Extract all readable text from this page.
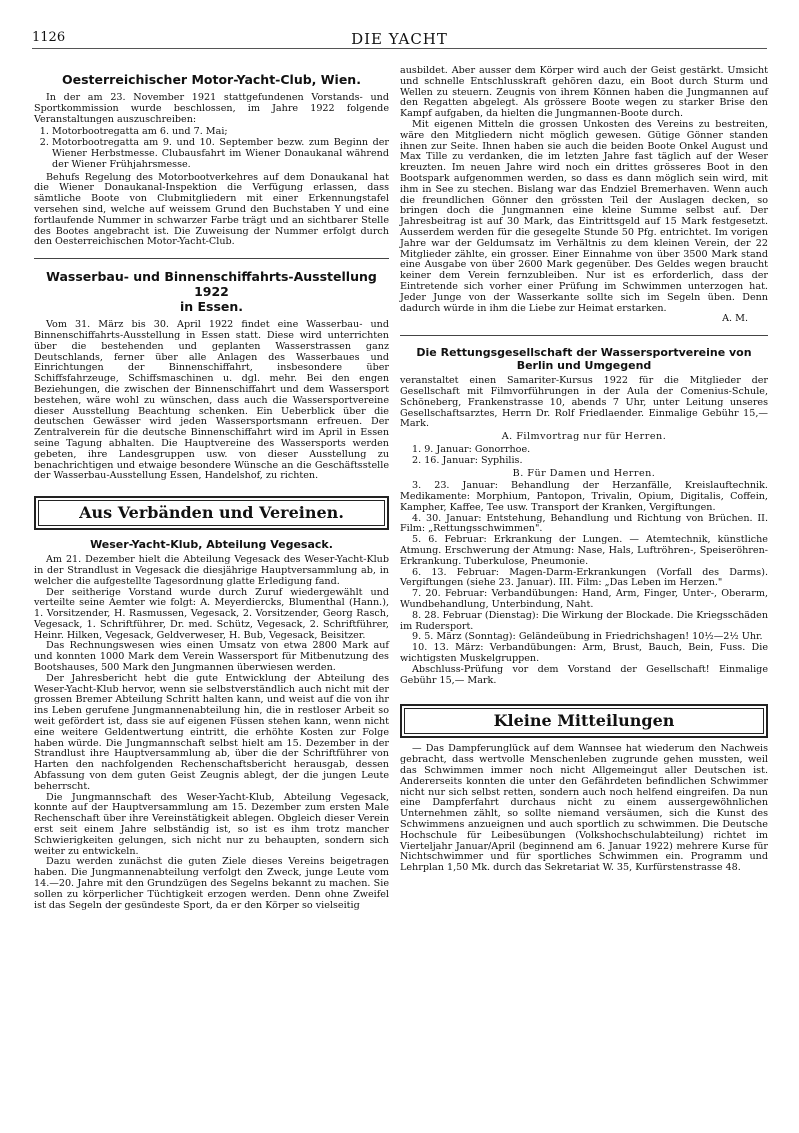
1126	DIE YACHT
Oesterreichischer Motor-Yacht-Club, Wien.

In der am 23. November 1921 stattgefundenen Vorstands- und Sportkommission wurde beschlossen, im Jahre 1922 folgende Veranstaltungen auszuschreiben:

1. Motorbootregatta am 6. und 7. Mai;
2. Motorbootregatta am 9. und 10. September bezw. zum Beginn der Wiener Herbstmesse. Clubausfahrt im Wiener Donaukanal während der Wiener Frühjahrsmesse.

Behufs Regelung des Motorbootverkehres auf dem Donaukanal hat die Wiener Donaukanal-Inspektion die Verfügung erlassen, dass sämtliche Boote von Clubmitgliedern mit einer Erkennungstafel versehen sind, welche auf weissem Grund den Buchstaben Y und eine fortlaufende Nummer in schwarzer Farbe trägt und an sichtbarer Stelle des Bootes angebracht ist. Die Zuweisung der Nummer erfolgt durch den Oesterreichischen Motor-Yacht-Club.

Wasserbau- und Binnenschiffahrts-Ausstellung 1922
in Essen.

Vom 31. März bis 30. April 1922 findet eine Wasserbau- und Binnenschiffahrts-Ausstellung in Essen statt. Diese wird unterrichten über die bestehenden und geplanten Wasserstrassen ganz Deutschlands, ferner über alle Anlagen des Wasserbaues und Einrichtungen der Binnenschiffahrt, insbesondere über Schiffsfahrzeuge, Schiffsmaschinen u. dgl. mehr. Bei den engen Beziehungen, die zwischen der Binnenschiffahrt und dem Wassersport bestehen, wäre wohl zu wünschen, dass auch die Wassersportvereine dieser Ausstellung Beachtung schenken. Ein Ueberblick über die deutschen Gewässer wird jeden Wassersportsmann erfreuen. Der Zentralverein für die deutsche Binnenschiffahrt wird im April in Essen seine Tagung abhalten. Die Hauptvereine des Wassersports werden gebeten, ihre Landesgruppen usw. von dieser Ausstellung zu benachrichtigen und etwaige besondere Wünsche an die Geschäftsstelle der Wasserbau-Ausstellung Essen, Handelshof, zu richten.

Aus Verbänden und Vereinen.
Weser-Yacht-Klub, Abteilung Vegesack.

Am 21. Dezember hielt die Abteilung Vegesack des Weser-Yacht-Klub in der Strandlust in Vegesack die diesjährige Hauptversammlung ab, in welcher die aufgestellte Tagesordnung glatte Erledigung fand.

Der seitherige Vorstand wurde durch Zuruf wiedergewählt und verteilte seine Aemter wie folgt: A. Meyerdiercks, Blumenthal (Hann.), 1. Vorsitzender, H. Rasmussen, Vegesack, 2. Vorsitzender, Georg Rasch, Vegesack, 1. Schriftführer, Dr. med. Schütz, Vegesack, 2. Schriftführer, Heinr. Hilken, Vegesack, Geldverweser, H. Bub, Vegesack, Beisitzer.

Das Rechnungswesen wies einen Umsatz von etwa 2800 Mark auf und konnten 1000 Mark dem Verein Wassersport für Mitbenutzung des Bootshauses, 500 Mark den Jungmannen überwiesen werden.

Der Jahresbericht hebt die gute Entwicklung der Abteilung des Weser-Yacht-Klub hervor, wenn sie selbstverständlich auch nicht mit der grossen Bremer Abteilung Schritt halten kann, und weist auf die von ihr ins Leben gerufene Jungmannenabteilung hin, die in restloser Arbeit so weit gefördert ist, dass sie auf eigenen Füssen stehen kann, wenn nicht eine weitere Geldentwertung eintritt, die erhöhte Kosten zur Folge haben würde. Die Jungmannschaft selbst hielt am 15. Dezember in der Strandlust ihre Hauptversammlung ab, über die der Schriftführer von Harten den nachfolgenden Rechenschaftsbericht herausgab, dessen Abfassung von dem guten Geist Zeugnis ablegt, der die jungen Leute beherrscht.

Die Jungmannschaft des Weser-Yacht-Klub, Abteilung Vegesack, konnte auf der Hauptversammlung am 15. Dezember zum ersten Male Rechenschaft über ihre Vereinstätigkeit ablegen. Obgleich dieser Verein erst seit einem Jahre selbständig ist, so ist es ihm trotz mancher Schwierigkeiten gelungen, sich nicht nur zu behaupten, sondern sich weiter zu entwickeln.

Dazu werden zunächst die guten Ziele dieses Vereins beigetragen haben. Die Jungmannenabteilung verfolgt den Zweck, junge Leute vom 14.—20. Jahre mit den Grundzügen des Segelns bekannt zu machen. Sie sollen zu körperlicher Tüchtigkeit erzogen werden. Denn ohne Zweifel ist das Segeln der gesündeste Sport, da er den Körper so vielseitig

ausbildet. Aber ausser dem Körper wird auch der Geist gestärkt. Umsicht und schnelle Entschlusskraft gehören dazu, ein Boot durch Sturm und Wellen zu steuern. Zeugnis von ihrem Können haben die Jungmannen auf den Regatten abgelegt. Als grössere Boote wegen zu starker Brise den Kampf aufgaben, da hielten die Jungmannen-Boote durch.

Mit eigenen Mitteln die grossen Unkosten des Vereins zu bestreiten, wäre den Mitgliedern nicht möglich gewesen. Gütige Gönner standen ihnen zur Seite. Ihnen haben sie auch die beiden Boote Onkel August und Max Tille zu verdanken, die im letzten Jahre fast täglich auf der Weser kreuzten. Im neuen Jahre wird noch ein drittes grösseres Boot in den Bootspark aufgenommen werden, so dass es dann möglich sein wird, mit ihm in See zu stechen. Bislang war das Endziel Bremerhaven. Wenn auch die freundlichen Gönner den grössten Teil der Auslagen decken, so bringen doch die Jungmannen eine kleine Summe selbst auf. Der Jahresbeitrag ist auf 30 Mark, das Eintrittsgeld auf 15 Mark festgesetzt. Ausserdem werden für die gesegelte Stunde 50 Pfg. entrichtet. Im vorigen Jahre war der Geldumsatz im Verhältnis zu dem kleinen Verein, der 22 Mitglieder zählte, ein grosser. Einer Einnahme von über 3500 Mark stand eine Ausgabe von über 2600 Mark gegenüber. Des Geldes wegen braucht keiner dem Verein fernzubleiben. Nur ist es erforderlich, dass der Eintretende sich vorher einer Prüfung im Schwimmen unterzogen hat. Jeder Junge von der Wasserkante sollte sich im Segeln üben. Denn dadurch würde in ihm die Liebe zur Heimat erstarken.

A. M.
Die Rettungsgesellschaft der Wassersportvereine von
Berlin und Umgegend

veranstaltet einen Samariter-Kursus 1922 für die Mitglieder der Gesellschaft mit Filmvorführungen in der Aula der Comenius-Schule, Schöneberg, Frankenstrasse 10, abends 7 Uhr, unter Leitung unseres Gesellschaftsarztes, Herrn Dr. Rolf Friedlaender. Einmalige Gebühr 15,— Mark.

A. Filmvortrag nur für Herren.

1. 9. Januar: Gonorrhoe.

2. 16. Januar: Syphilis.

B. Für Damen und Herren.

3. 23. Januar: Behandlung der Herzanfälle, Kreislauftechnik. Medikamente: Morphium, Pantopon, Trivalin, Opium, Digitalis, Coffein, Kampher, Kaffee, Tee usw. Transport der Kranken, Vergiftungen.

4. 30. Januar: Entstehung, Behandlung und Richtung von Brüchen. II. Film: „Rettungsschwimmen".

5. 6. Februar: Erkrankung der Lungen. — Atemtechnik, künstliche Atmung. Erschwerung der Atmung: Nase, Hals, Luftröhren-, Speiseröhren-Erkrankung. Tuberkulose, Pneumonie.

6. 13. Februar: Magen-Darm-Erkrankungen (Vorfall des Darms). Vergiftungen (siehe 23. Januar). III. Film: „Das Leben im Herzen."

7. 20. Februar: Verbandübungen: Hand, Arm, Finger, Unter-, Oberarm, Wundbehandlung, Unterbindung, Naht.

8. 28. Februar (Dienstag): Die Wirkung der Blockade. Die Kriegsschäden im Rudersport.

9. 5. März (Sonntag): Geländeübung in Friedrichshagen! 10½—2½ Uhr.

10. 13. März: Verbandübungen: Arm, Brust, Bauch, Bein, Fuss. Die wichtigsten Muskelgruppen.

Abschluss-Prüfung vor dem Vorstand der Gesellschaft! Einmalige Gebühr 15,— Mark.

Kleine Mitteilungen

— Das Dampferunglück auf dem Wannsee hat wiederum den Nachweis gebracht, dass wertvolle Menschenleben zugrunde gehen mussten, weil das Schwimmen immer noch nicht Allgemeingut aller Deutschen ist. Andererseits konnten die unter den Gefährdeten befindlichen Schwimmer nicht nur sich selbst retten, sondern auch noch helfend eingreifen. Da nun eine Dampferfahrt durchaus nicht zu einem aussergewöhnlichen Unternehmen zählt, so sollte niemand versäumen, sich die Kunst des Schwimmens anzueignen und auch sportlich zu schwimmen. Die Deutsche Hochschule für Leibesübungen (Volkshochschulabteilung) richtet im Vierteljahr Januar/April (beginnend am 6. Januar 1922) mehrere Kurse für Nichtschwimmer und für sportliches Schwimmen ein. Programm und Lehrplan 1,50 Mk. durch das Sekretariat W. 35, Kurfürstenstrasse 48.
